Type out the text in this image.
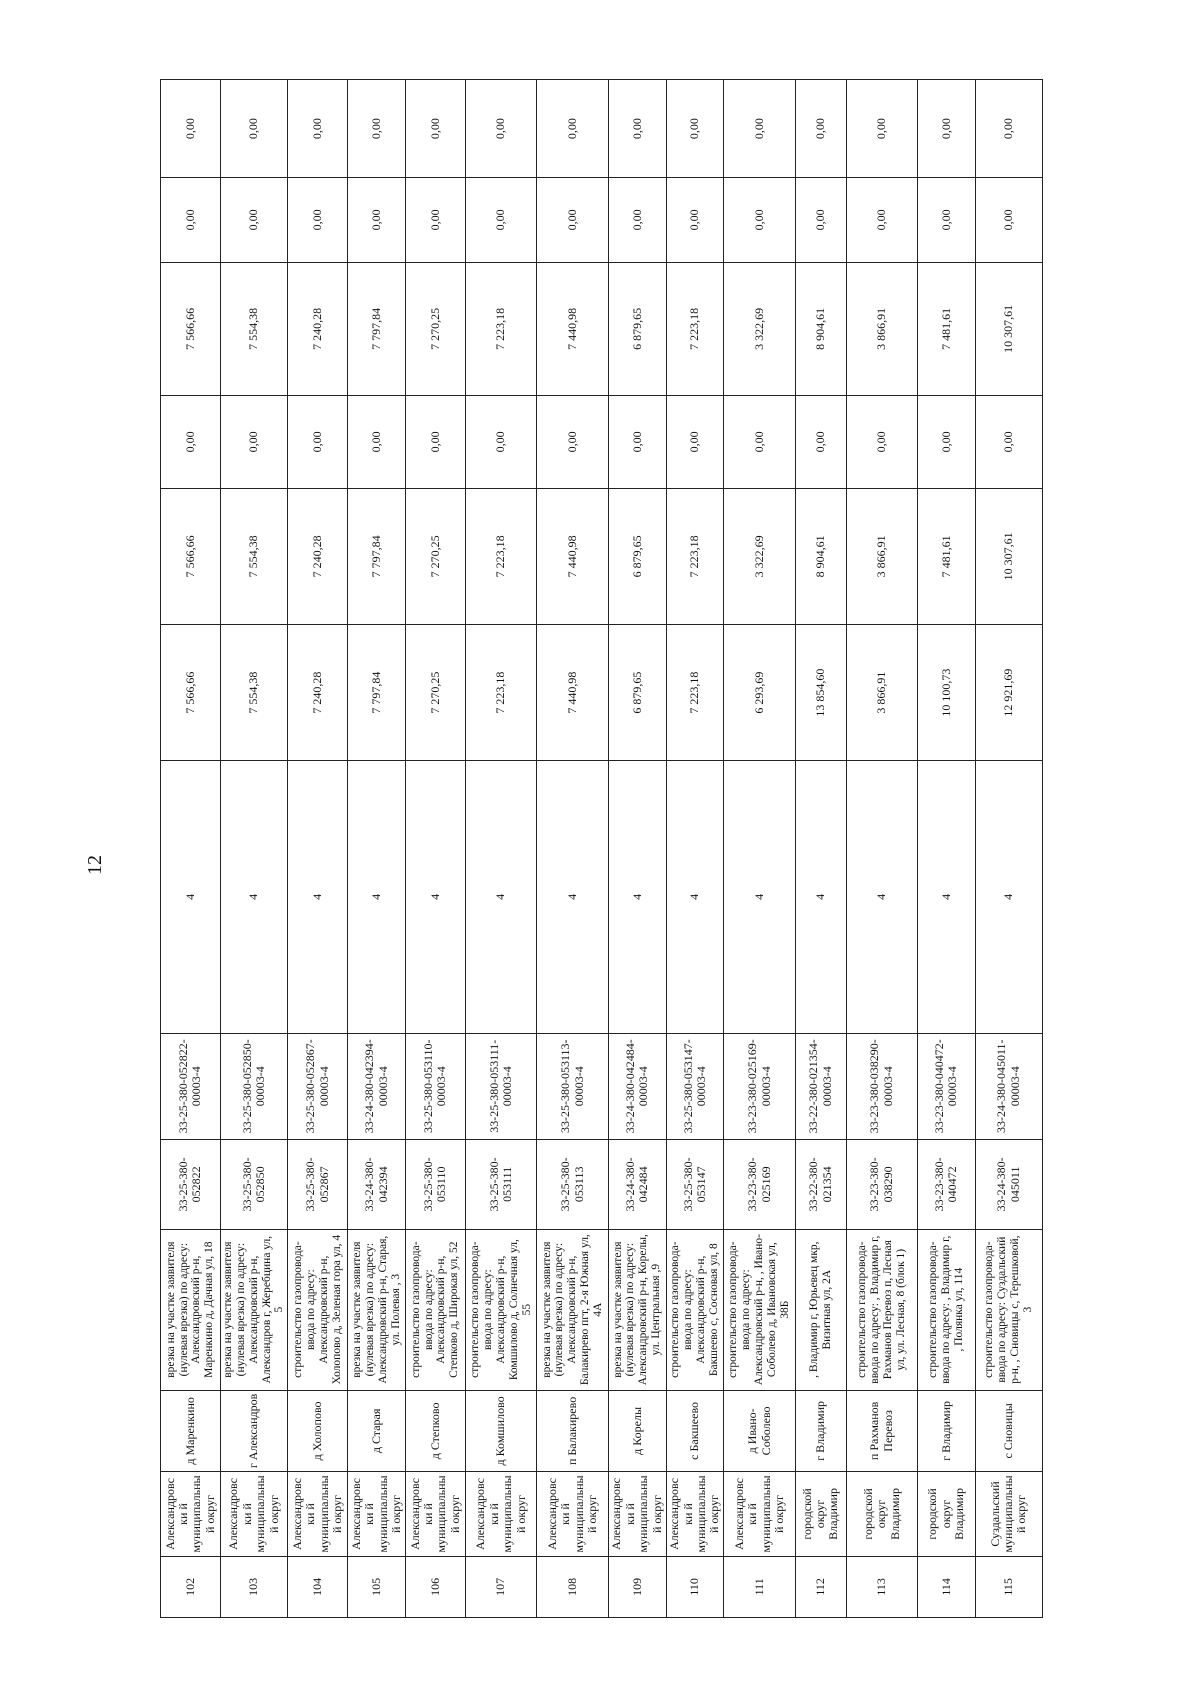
12
102	Александровски й муниципальный округ	д Маренкино	врезка на участке заявителя (нулевая врезка) по адресу: Александровский р-н, Маренкино д, Дачная ул, 18	33-25-380-052822	33-25-380-052822-00003-4	4	7 566,66	7 566,66	0,00	7 566,66	0,00	0,00
103	Александровски й муниципальный округ	г Александров	врезка на участке заявителя (нулевая врезка) по адресу: Александровский р-н, Александров г, Жеребцина ул, 5	33-25-380-052850	33-25-380-052850-00003-4	4	7 554,38	7 554,38	0,00	7 554,38	0,00	0,00
104	Александровски й муниципальный округ	д Холопово	строительство газопровода-ввода по адресу: Александровский р-н, Холопово д, Зеленая гора ул, 4	33-25-380-052867	33-25-380-052867-00003-4	4	7 240,28	7 240,28	0,00	7 240,28	0,00	0,00
105	Александровски й муниципальный округ	д Старая	врезка на участке заявителя (нулевая врезка) по адресу: Александровский р-н, Старая, ул. Полевая , 3	33-24-380-042394	33-24-380-042394-00003-4	4	7 797,84	7 797,84	0,00	7 797,84	0,00	0,00
106	Александровски й муниципальный округ	д Степково	строительство газопровода-ввода по адресу: Александровский р-н, Степково д, Широкая ул, 52	33-25-380-053110	33-25-380-053110-00003-4	4	7 270,25	7 270,25	0,00	7 270,25	0,00	0,00
107	Александровски й муниципальный округ	д Комшилово	строительство газопровода-ввода по адресу: Александровский р-н, Комшилово д, Солнечная ул, 55	33-25-380-053111	33-25-380-053111-00003-4	4	7 223,18	7 223,18	0,00	7 223,18	0,00	0,00
108	Александровски й муниципальный округ	п Балакирево	врезка на участке заявителя (нулевая врезка) по адресу: Александровский р-н, Балакирево пгт, 2-я Южная ул, 4А	33-25-380-053113	33-25-380-053113-00003-4	4	7 440,98	7 440,98	0,00	7 440,98	0,00	0,00
109	Александровски й муниципальный округ	д Корелы	врезка на участке заявителя (нулевая врезка) по адресу: Александровский р-н, Корелы, ул. Центральная ,9	33-24-380-042484	33-24-380-042484-00003-4	4	6 879,65	6 879,65	0,00	6 879,65	0,00	0,00
110	Александровски й муниципальный округ	с Бакшеево	строительство газопровода-ввода по адресу: Александровский р-н, Бакшеево с, Сосновая ул, 8	33-25-380-053147	33-25-380-053147-00003-4	4	7 223,18	7 223,18	0,00	7 223,18	0,00	0,00
111	Александровски й муниципальный округ	д Ивано-Соболево	строительство газопровода-ввода по адресу: Александровский р-н, , Ивано-Соболево д, Ивановская ул, 38Б	33-23-380-025169	33-23-380-025169-00003-4	4	6 293,69	3 322,69	0,00	3 322,69	0,00	0,00
112	городской округ Владимир	г Владимир	, Владимир г, Юрьевец мкр, Визитная ул, 2А	33-22-380-021354	33-22-380-021354-00003-4	4	13 854,60	8 904,61	0,00	8 904,61	0,00	0,00
113	городской округ Владимир	п Рахманов Перевоз	строительство газопровода-ввода по адресу: , Владимир г, Рахманов Перевоз п, Лесная ул, ул. Лесная, 8 (блок 1)	33-23-380-038290	33-23-380-038290-00003-4	4	3 866,91	3 866,91	0,00	3 866,91	0,00	0,00
114	городской округ Владимир	г Владимир	строительство газопровода-ввода по адресу: , Владимир г, , Полянка ул, 114	33-23-380-040472	33-23-380-040472-00003-4	4	10 100,73	7 481,61	0,00	7 481,61	0,00	0,00
115	Суздальский муниципальный округ	с Сновицы	строительство газопровода-ввода по адресу: Суздальский р-н, , Сновицы с, Терешковой, 3	33-24-380-045011	33-24-380-045011-00003-4	4	12 921,69	10 307,61	0,00	10 307,61	0,00	0,00
